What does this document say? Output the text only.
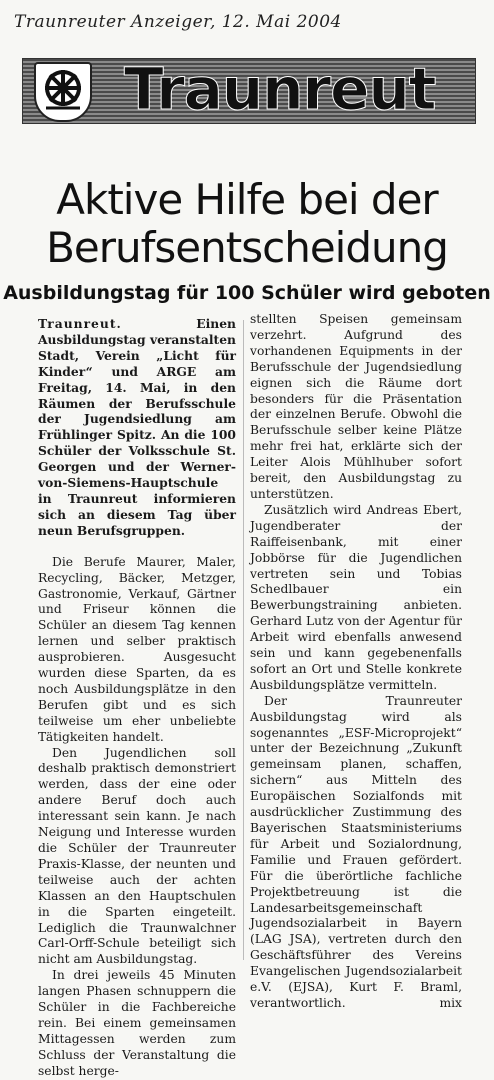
Traunreuter Anzeiger, 12. Mai 2004
Traunreut
Aktive Hilfe bei der
Berufsentscheidung
Ausbildungstag für 100 Schüler wird geboten

Traunreut. Einen Ausbildungstag veranstalten Stadt, Verein „Licht für Kinder“ und ARGE am Freitag, 14. Mai, in den Räumen der Berufsschule der Jugendsiedlung am Frühlinger Spitz. An die 100 Schüler der Volksschule St. Georgen und der Werner-von-Siemens-Hauptschule in Traunreut informieren sich an diesem Tag über neun Berufsgruppen.

Die Berufe Maurer, Maler, Recycling, Bäcker, Metzger, Gastronomie, Verkauf, Gärtner und Friseur können die Schüler an diesem Tag kennen lernen und selber praktisch ausprobieren. Ausgesucht wurden diese Sparten, da es noch Ausbildungsplätze in den Berufen gibt und es sich teilweise um eher unbeliebte Tätigkeiten handelt.

Den Jugendlichen soll deshalb praktisch demonstriert werden, dass der eine oder andere Beruf doch auch interessant sein kann. Je nach Neigung und Interesse wurden die Schüler der Traunreuter Praxis-Klasse, der neunten und teilweise auch der achten Klassen an den Hauptschulen in die Sparten eingeteilt. Lediglich die Traunwalchner Carl-Orff-Schule beteiligt sich nicht am Ausbildungstag.

In drei jeweils 45 Minuten langen Phasen schnuppern die Schüler in die Fachbereiche rein. Bei einem gemeinsamen Mittagessen werden zum Schluss der Veranstaltung die selbst herge-

stellten Speisen gemeinsam verzehrt. Aufgrund des vorhandenen Equipments in der Berufsschule der Jugendsiedlung eignen sich die Räume dort besonders für die Präsentation der einzelnen Berufe. Obwohl die Berufsschule selber keine Plätze mehr frei hat, erklärte sich der Leiter Alois Mühlhuber sofort bereit, den Ausbildungstag zu unterstützen.

Zusätzlich wird Andreas Ebert, Jugendberater der Raiffeisenbank, mit einer Jobbörse für die Jugendlichen vertreten sein und Tobias Schedlbauer ein Bewerbungstraining anbieten. Gerhard Lutz von der Agentur für Arbeit wird ebenfalls anwesend sein und kann gegebenenfalls sofort an Ort und Stelle konkrete Ausbildungsplätze vermitteln.

Der Traunreuter Ausbildungstag wird als sogenanntes „ESF-Microprojekt“ unter der Bezeichnung „Zukunft gemeinsam planen, schaffen, sichern“ aus Mitteln des Europäischen Sozialfonds mit ausdrücklicher Zustimmung des Bayerischen Staatsministeriums für Arbeit und Sozialordnung, Familie und Frauen gefördert. Für die überörtliche fachliche Projektbetreuung ist die Landesarbeitsgemeinschaft Jugendsozialarbeit in Bayern (LAG JSA), vertreten durch den Geschäftsführer des Vereins Evangelischen Jugendsozialarbeit e.V. (EJSA), Kurt F. Braml, verantwortlich.	mix
